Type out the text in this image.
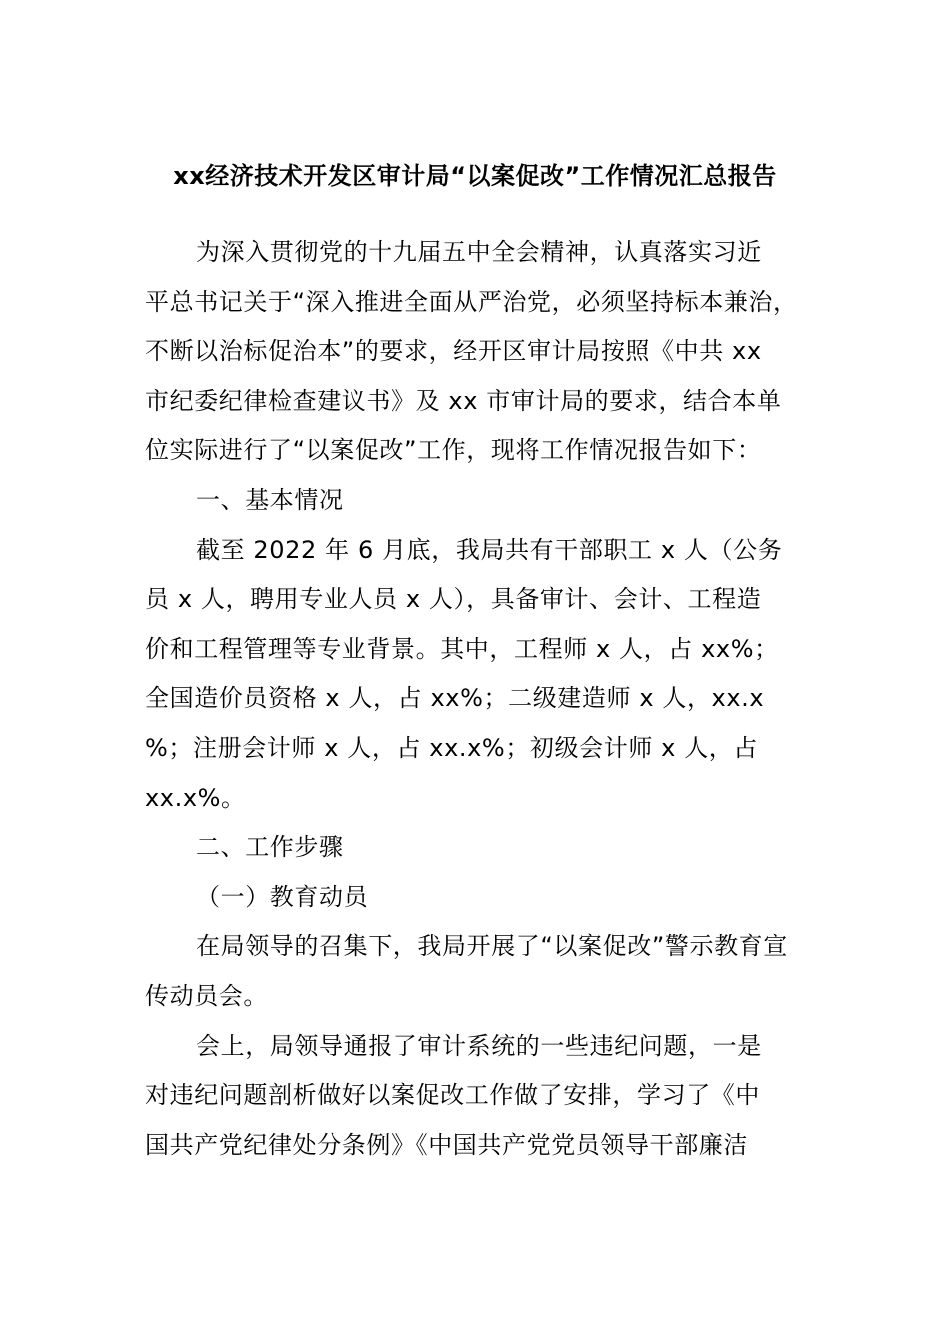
xx经济技术开发区审计局“以案促改”工作情况汇总报告
为深入贯彻党的十九届五中全会精神，认真落实习近
平总书记关于“深入推进全面从严治党，必须坚持标本兼治，
不断以治标促治本”的要求，经开区审计局按照《中共 xx
市纪委纪律检查建议书》及 xx 市审计局的要求，结合本单
位实际进行了“以案促改”工作，现将工作情况报告如下：
一、基本情况
截至 2022 年 6 月底，我局共有干部职工 x 人（公务
员 x 人，聘用专业人员 x 人），具备审计、会计、工程造
价和工程管理等专业背景。其中，工程师 x 人，占 xx%；
全国造价员资格 x 人，占 xx%；二级建造师 x 人，xx.x
%；注册会计师 x 人，占 xx.x%；初级会计师 x 人，占
xx.x%。
二、工作步骤
（一）教育动员
在局领导的召集下，我局开展了“以案促改”警示教育宣
传动员会。
会上，局领导通报了审计系统的一些违纪问题，一是
对违纪问题剖析做好以案促改工作做了安排，学习了《中
国共产党纪律处分条例》《中国共产党党员领导干部廉洁
